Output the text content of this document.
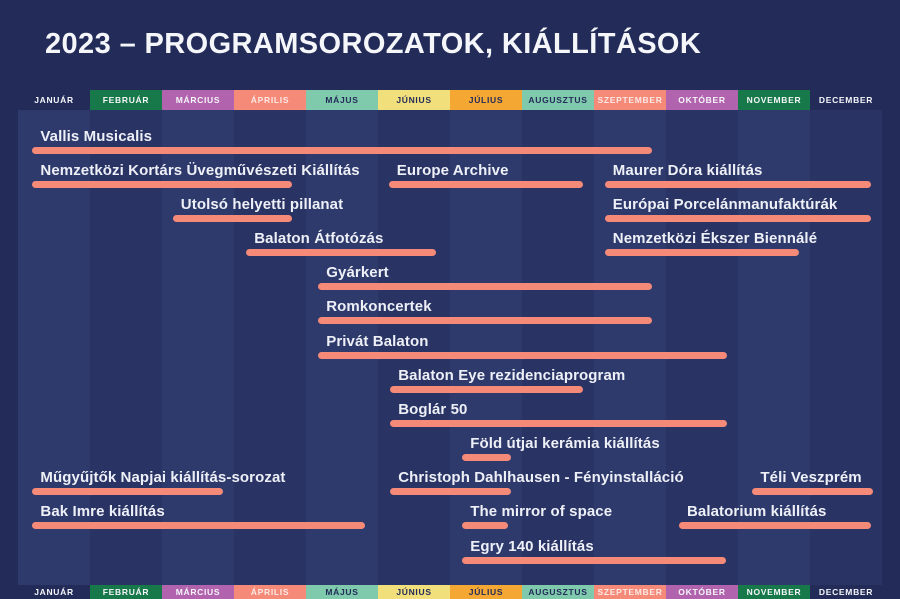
2023 – PROGRAMSOROZATOK, KIÁLLÍTÁSOK
JANUÁR	FEBRUÁR	MÁRCIUS	ÁPRILIS	MÁJUS	JÚNIUS	JÚLIUS	AUGUSZTUS	SZEPTEMBER	OKTÓBER	NOVEMBER	DECEMBER
Vallis Musicalis
Nemzetközi Kortárs Üvegművészeti Kiállítás Europe Archive	Maurer Dóra kiállítás
Utolsó helyetti pillanat	Európai Porcelánmanufaktúrák
Balaton Átfotózás	Nemzetközi Ékszer Biennálé
Gyárkert
Romkoncertek
Privát Balaton
Balaton Eye rezidenciaprogram
Boglár 50
Föld útjai kerámia kiállítás
Műgyűjtők Napjai kiállítás-sorozat	Christoph Dahlhausen - Fényinstalláció	Téli Veszprém
Bak Imre kiállítás	The mirror of space	Balatorium kiállítás
Egry 140 kiállítás
JANUÁR	FEBRUÁR	MÁRCIUS	ÁPRILIS	MÁJUS	JÚNIUS	JÚLIUS	AUGUSZTUS	SZEPTEMBER	OKTÓBER	NOVEMBER	DECEMBER
